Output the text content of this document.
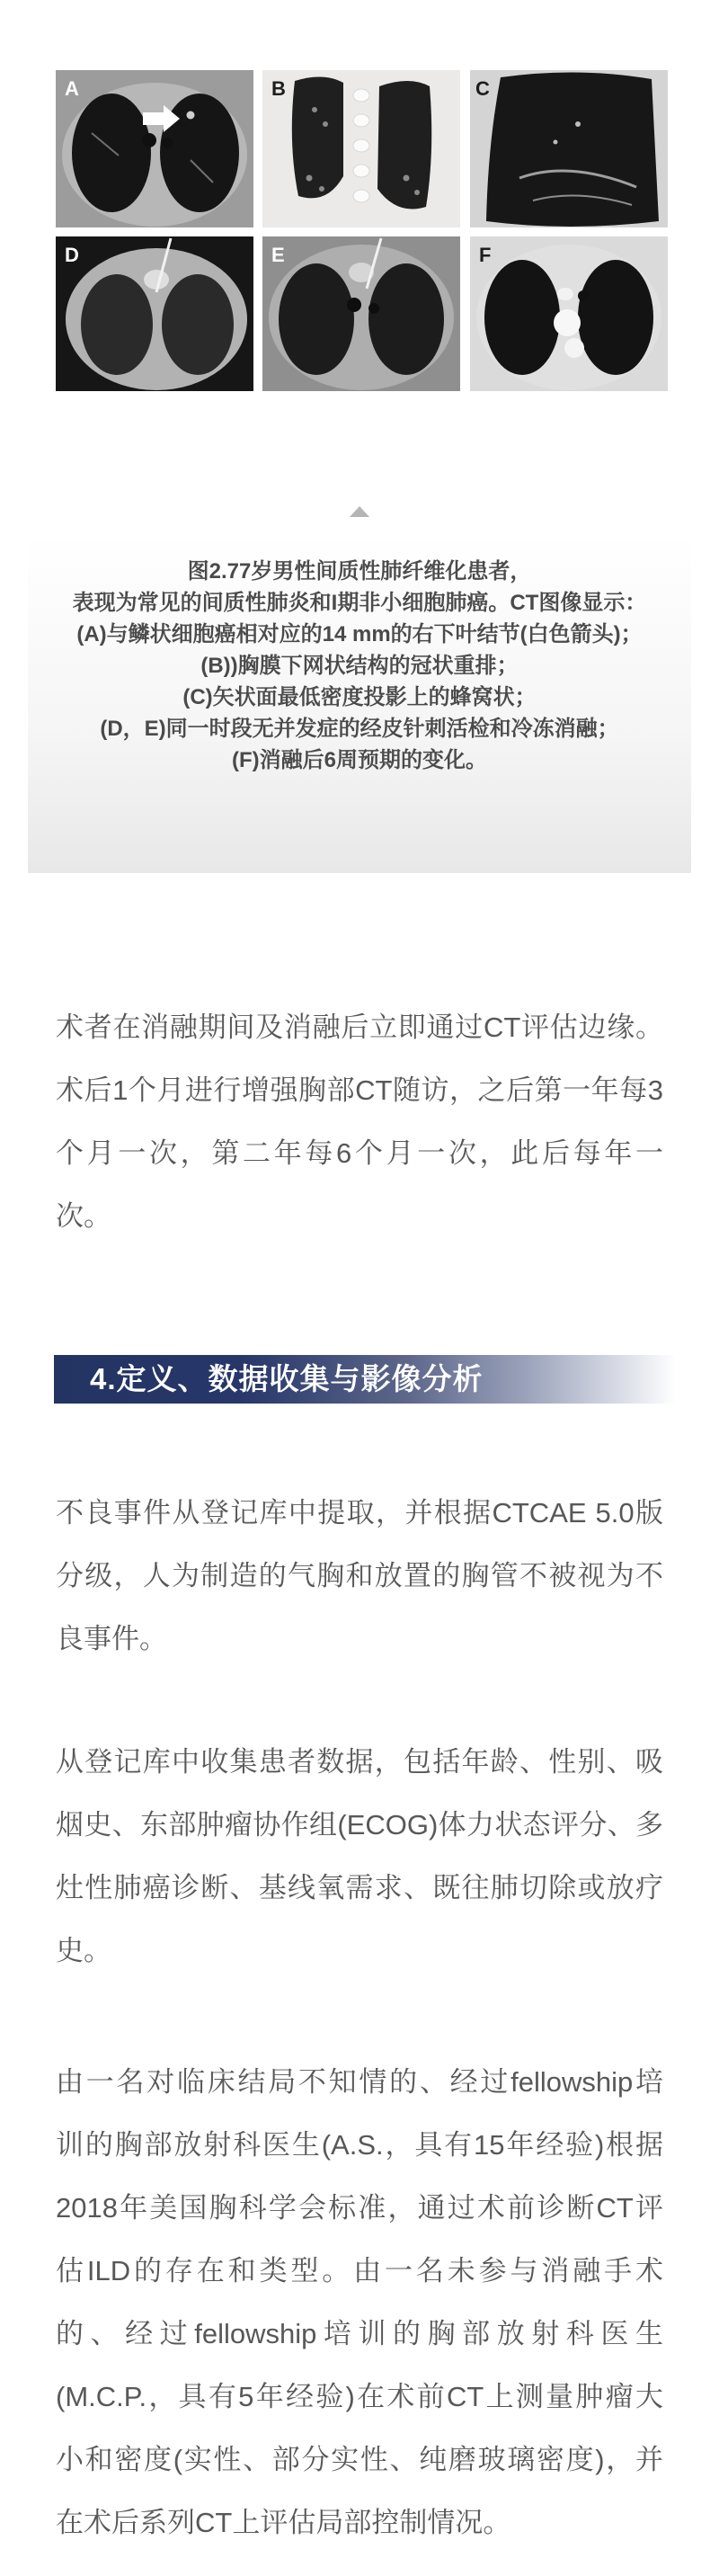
A	B	C
D	E	F
图2.77岁男性间质性肺纤维化患者，
表现为常见的间质性肺炎和I期非小细胞肺癌。CT图像显示：
(A)与鳞状细胞癌相对应的14 mm的右下叶结节(白色箭头)；
(B))胸膜下网状结构的冠状重排；
(C)矢状面最低密度投影上的蜂窝状；
(D，E)同一时段无并发症的经皮针刺活检和冷冻消融；
(F)消融后6周预期的变化。
术者在消融期间及消融后立即通过CT评估边缘。
术后1个月进行增强胸部CT随访，之后第一年每3
个月一次，第二年每6个月一次，此后每年一
次。
4.定义、数据收集与影像分析
不良事件从登记库中提取，并根据CTCAE 5.0版
分级，人为制造的气胸和放置的胸管不被视为不
良事件。
从登记库中收集患者数据，包括年龄、性别、吸
烟史、东部肿瘤协作组(ECOG)体力状态评分、多
灶性肺癌诊断、基线氧需求、既往肺切除或放疗
史。
由一名对临床结局不知情的、经过fellowship培
训的胸部放射科医生(A.S.，具有15年经验)根据
2018年美国胸科学会标准，通过术前诊断CT评
估ILD的存在和类型。由一名未参与消融手术
的、经过fellowship培训的胸部放射科医生
(M.C.P.，具有5年经验)在术前CT上测量肿瘤大
小和密度(实性、部分实性、纯磨玻璃密度)，并
在术后系列CT上评估局部控制情况。
